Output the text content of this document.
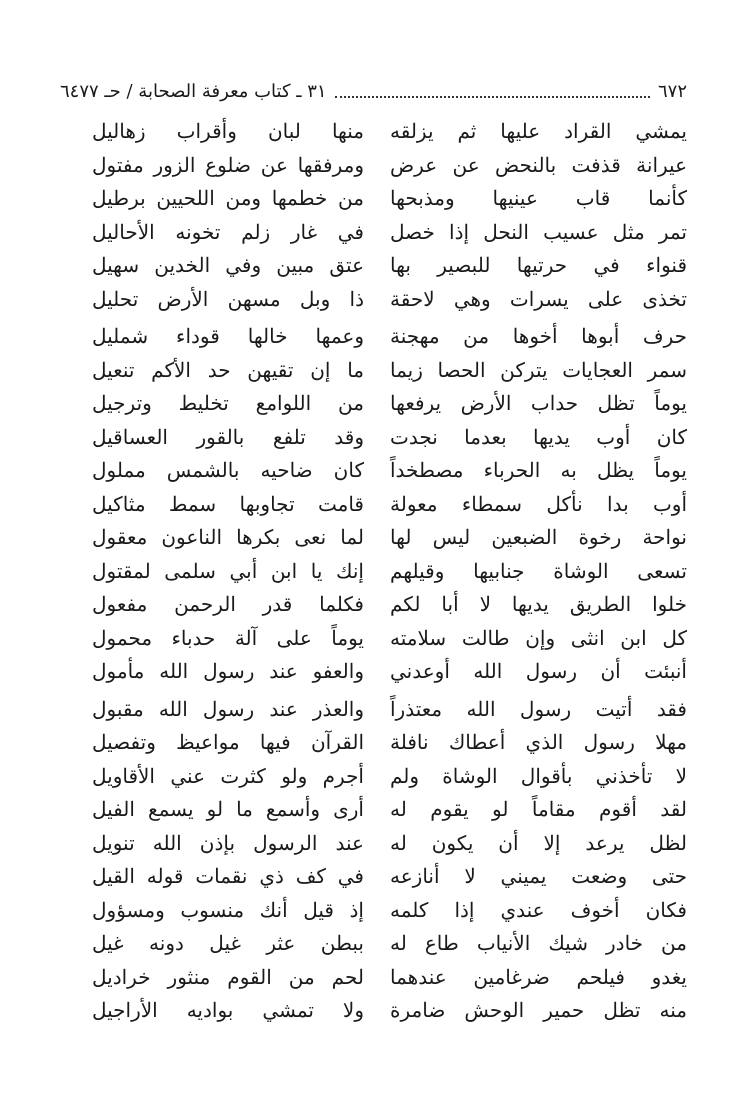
٦٧٢
٣١ ـ كتاب معرفة الصحابة / حـ ٦٤٧٧
يمشي القراد عليها ثم يزلقه
عيرانة قذفت بالنحض عن عرض
كأنما قاب عينيها ومذبحها
تمر مثل عسيب النحل إذا خصل
قنواء في حرتيها للبصير بها
تخذى على يسرات وهي لاحقة
حرف أبوها أخوها من مهجنة
سمر العجايات يتركن الحصا زيما
يوماً تظل حداب الأرض يرفعها
كان أوب يديها بعدما نجدت
يوماً يظل به الحرباء مصطخداً
أوب بدا نأكل سمطاء معولة
نواحة رخوة الضبعين ليس لها
تسعى الوشاة جنابيها وقيلهم
خلوا الطريق يديها لا أبا لكم
كل ابن انثى وإن طالت سلامته
أنبئت أن رسول الله أوعدني
فقد أتيت رسول الله معتذراً
مهلا رسول الذي أعطاك نافلة
لا تأخذني بأقوال الوشاة ولم
لقد أقوم مقاماً لو يقوم له
لظل يرعد إلا أن يكون له
حتى وضعت يميني لا أنازعه
فكان أخوف عندي إذا كلمه
من خادر شيك الأنياب طاع له
يغدو فيلحم ضرغامين عندهما
منه تظل حمير الوحش ضامرة
منها لبان وأقراب زهاليل
ومرفقها عن ضلوع الزور مفتول
من خطمها ومن اللحيين برطيل
في غار زلم تخونه الأحاليل
عتق مبين وفي الخدين سهيل
ذا وبل مسهن الأرض تحليل
وعمها خالها قوداء شمليل
ما إن تقيهن حد الأكم تنعيل
من اللوامع تخليط وترجيل
وقد تلفع بالقور العساقيل
كان ضاحيه بالشمس مملول
قامت تجاوبها سمط مثاكيل
لما نعى بكرها الناعون معقول
إنك يا ابن أبي سلمى لمقتول
فكلما قدر الرحمن مفعول
يوماً على آلة حدباء محمول
والعفو عند رسول الله مأمول
والعذر عند رسول الله مقبول
القرآن فيها مواعيظ وتفصيل
أجرم ولو كثرت عني الأقاويل
أرى وأسمع ما لو يسمع الفيل
عند الرسول بإذن الله تنويل
في كف ذي نقمات قوله القيل
إذ قيل أنك منسوب ومسؤول
ببطن عثر غيل دونه غيل
لحم من القوم منثور خراديل
ولا تمشي بواديه الأراجيل
